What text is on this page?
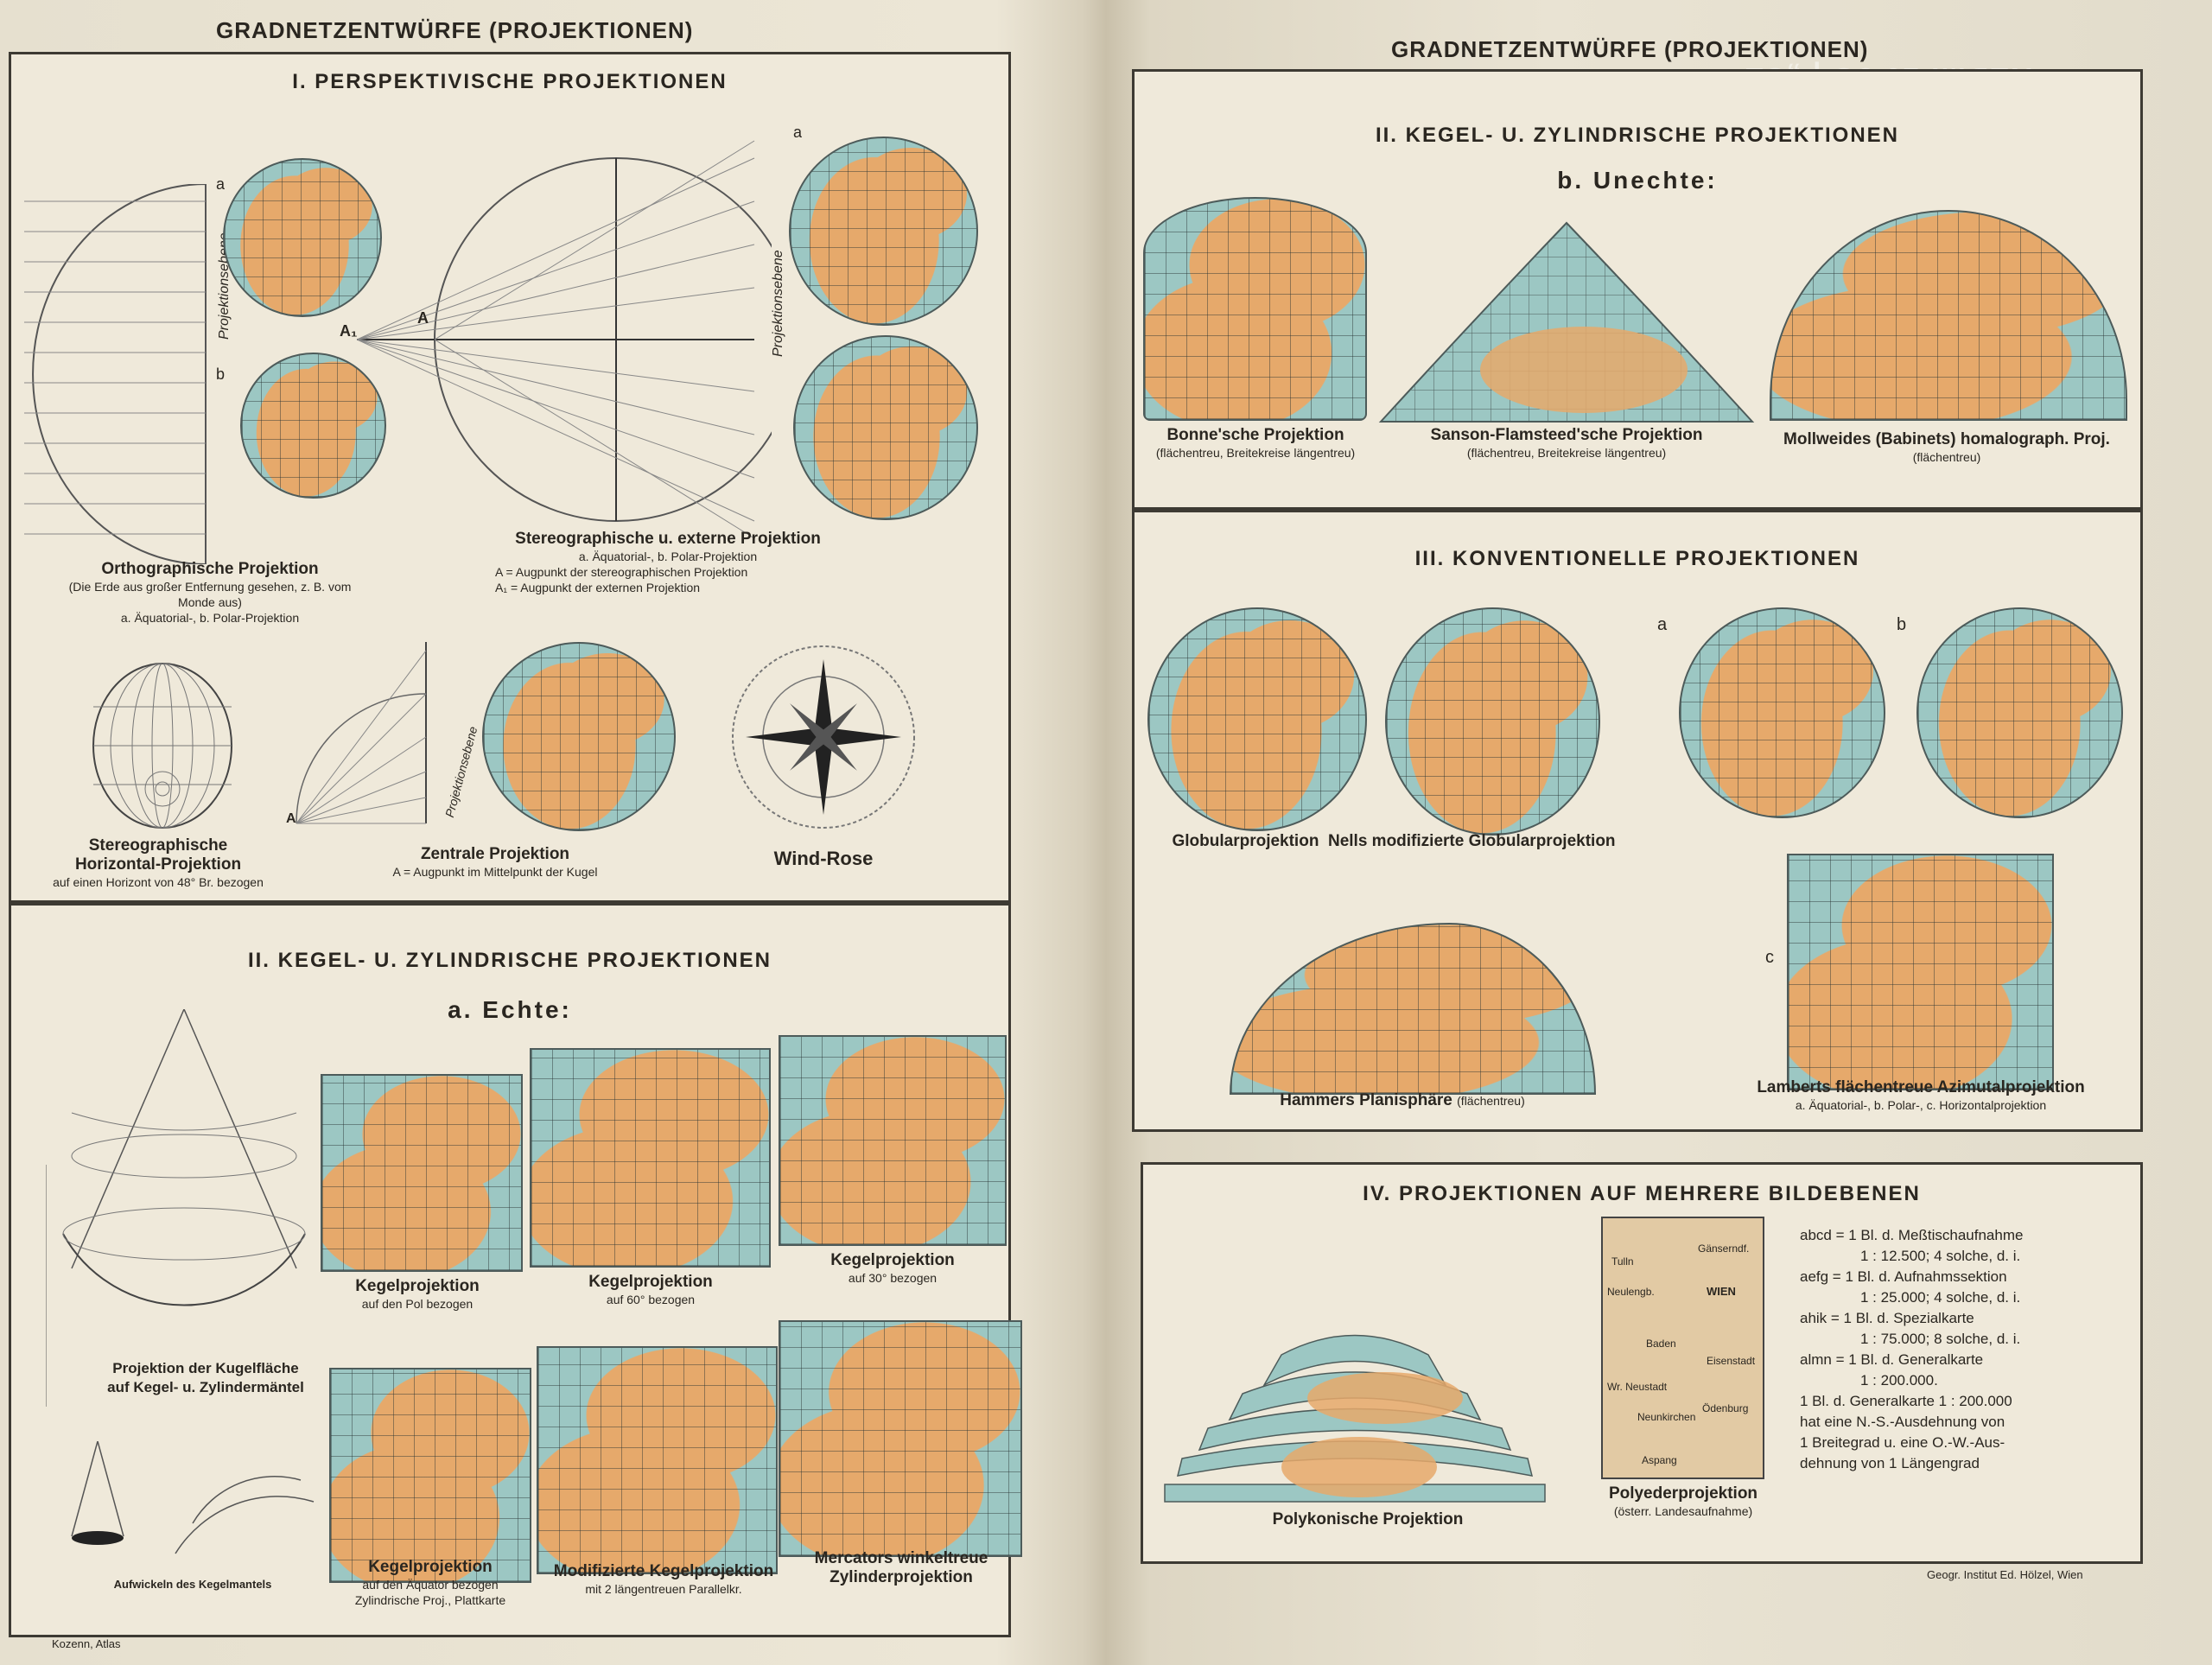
GRADNETZENTWÜRFE (PROJEKTIONEN)
I. PERSPEKTIVISCHE PROJEKTIONEN
Projektionsebene
a
b
A₁
A	Projektionsebene
a
Orthographische Projektion
(Die Erde aus großer Entfernung gesehen, z. B. vom Monde aus)
a. Äquatorial-, b. Polar-Projektion
Stereographische u. externe Projektion
a. Äquatorial-, b. Polar-Projektion
A = Augpunkt der stereographischen Projektion
A₁ = Augpunkt der externen Projektion
Stereographische
Horizontal-Projektion
auf einen Horizont von 48° Br. bezogen
A	Projektionsebene
Zentrale Projektion
A = Augpunkt im Mittelpunkt der Kugel
Wind-Rose
II. KEGEL- U. ZYLINDRISCHE PROJEKTIONEN
a. Echte:
Projektion der Kugelfläche
auf Kegel- u. Zylindermäntel
Aufwickeln des Kegelmantels
Kegelprojektion
auf den Pol bezogen
Kegelprojektion
auf 60° bezogen
Kegelprojektion
auf 30° bezogen
Kegelprojektion
auf den Äquator bezogen
Zylindrische Proj., Plattkarte
Modifizierte Kegelprojektion
mit 2 längentreuen Parallelkr.
Mercators winkeltreue
Zylinderprojektion
Kozenn, Atlas
GRADNETZENTWÜRFE (PROJEKTIONEN)
II. KEGEL- U. ZYLINDRISCHE PROJEKTIONEN
b. Unechte:
Bonne'sche Projektion
(flächentreu, Breitekreise längentreu)
Sanson-Flamsteed'sche Projektion
(flächentreu, Breitekreise längentreu)
Mollweides (Babinets) homalograph. Proj.
(flächentreu)
III. KONVENTIONELLE PROJEKTIONEN
a	b
Globularprojektion Nells modifizierte Globularprojektion
Hammers Planisphäre (flächentreu)
c
Lamberts flächentreue Azimutalprojektion
a. Äquatorial-, b. Polar-, c. Horizontalprojektion
IV. PROJEKTIONEN AUF MEHRERE BILDEBENEN
Polykonische Projektion
Tulln
Gänserndf.
Neulengb.	WIEN
Baden
Eisenstadt
Wr. Neustadt
Neunkirchen
Ödenburg
Aspang
Polyederprojektion
(österr. Landesaufnahme)
abcd = 1 Bl. d. Meßtischaufnahme
1 : 12.500; 4 solche, d. i.
aefg = 1 Bl. d. Aufnahmssektion
1 : 25.000; 4 solche, d. i.
ahik = 1 Bl. d. Spezialkarte
1 : 75.000; 8 solche, d. i.
almn = 1 Bl. d. Generalkarte
1 : 200.000.
1 Bl. d. Generalkarte 1 : 200.000
hat eine N.-S.-Ausdehnung von
1 Breitegrad u. eine O.-W.-Aus-
dehnung von 1 Längengrad
Geogr. Institut Ed. Hölzel, Wien
